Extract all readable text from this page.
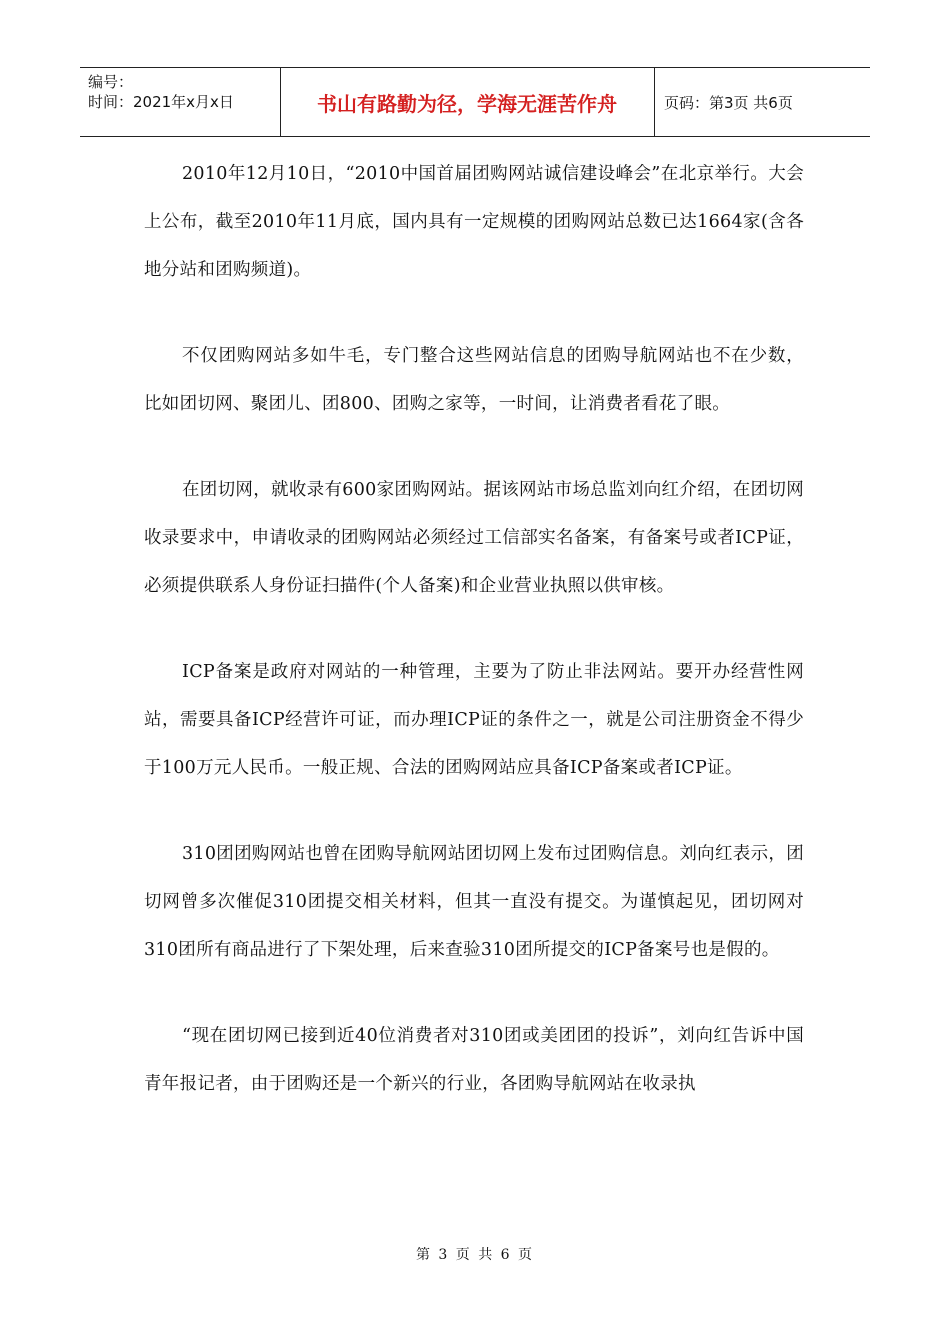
编号：
时间：2021年x月x日	书山有路勤为径，学海无涯苦作舟	页码：第3页 共6页

2010年12月10日，“2010中国首届团购网站诚信建设峰会”在北京举行。大会上公布，截至2010年11月底，国内具有一定规模的团购网站总数已达1664家(含各地分站和团购频道)。

不仅团购网站多如牛毛，专门整合这些网站信息的团购导航网站也不在少数，比如团切网、聚团儿、团800、团购之家等，一时间，让消费者看花了眼。

在团切网，就收录有600家团购网站。据该网站市场总监刘向红介绍，在团切网收录要求中，申请收录的团购网站必须经过工信部实名备案，有备案号或者ICP证，必须提供联系人身份证扫描件(个人备案)和企业营业执照以供审核。

ICP备案是政府对网站的一种管理，主要为了防止非法网站。要开办经营性网站，需要具备ICP经营许可证，而办理ICP证的条件之一，就是公司注册资金不得少于100万元人民币。一般正规、合法的团购网站应具备ICP备案或者ICP证。

310团团购网站也曾在团购导航网站团切网上发布过团购信息。刘向红表示，团切网曾多次催促310团提交相关材料，但其一直没有提交。为谨慎起见，团切网对310团所有商品进行了下架处理，后来查验310团所提交的ICP备案号也是假的。

“现在团切网已接到近40位消费者对310团或美团团的投诉”，刘向红告诉中国青年报记者，由于团购还是一个新兴的行业，各团购导航网站在收录执

第 3 页 共 6 页
